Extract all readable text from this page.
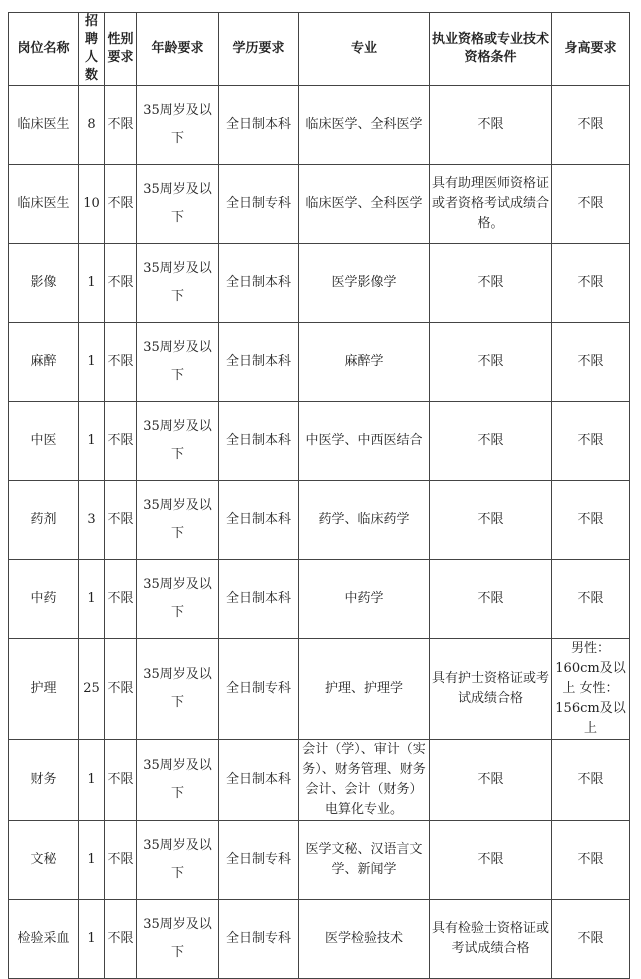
岗位名称	招聘人数	性别要求	年龄要求	学历要求	专业	执业资格或专业技术资格条件	身高要求
临床医生	8	不限	35周岁及以下	全日制本科	临床医学、全科医学	不限	不限
临床医生	10	不限	35周岁及以下	全日制专科	临床医学、全科医学	具有助理医师资格证或者资格考试成绩合格。	不限
影像	1	不限	35周岁及以下	全日制本科	医学影像学	不限	不限
麻醉	1	不限	35周岁及以下	全日制本科	麻醉学	不限	不限
中医	1	不限	35周岁及以下	全日制本科	中医学、中西医结合	不限	不限
药剂	3	不限	35周岁及以下	全日制本科	药学、临床药学	不限	不限
中药	1	不限	35周岁及以下	全日制本科	中药学	不限	不限
护理	25	不限	35周岁及以下	全日制专科	护理、护理学	具有护士资格证或考试成绩合格	男性：160cm及以上 女性：156cm及以上
财务	1	不限	35周岁及以下	全日制本科	会计（学）、审计（实务）、财务管理、财务会计、会计（财务）电算化专业。	不限	不限
文秘	1	不限	35周岁及以下	全日制专科	医学文秘、汉语言文学、新闻学	不限	不限
检验采血	1	不限	35周岁及以下	全日制专科	医学检验技术	具有检验士资格证或考试成绩合格	不限
